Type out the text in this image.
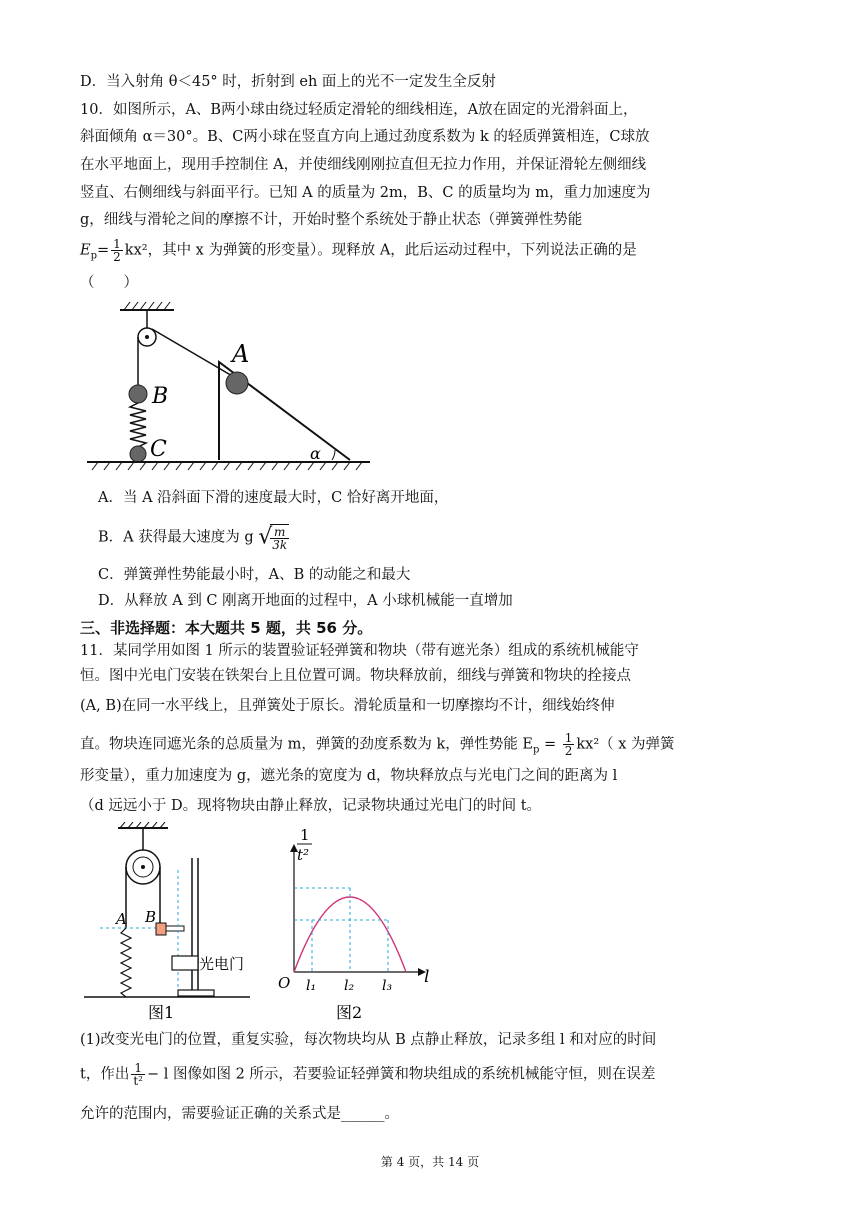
D．当入射角 θ＜45° 时，折射到 eh 面上的光不一定发生全反射
10．如图所示，A、B两小球由绕过轻质定滑轮的细线相连，A放在固定的光滑斜面上，
斜面倾角 α＝30°。B、C两小球在竖直方向上通过劲度系数为 k 的轻质弹簧相连，C球放
在水平地面上，现用手控制住 A，并使细线刚刚拉直但无拉力作用，并保证滑轮左侧细线
竖直、右侧细线与斜面平行。已知 A 的质量为 2m，B、C 的质量均为 m，重力加速度为
g，细线与滑轮之间的摩擦不计，开始时整个系统处于静止状态（弹簧弹性势能
$E_p= \frac{1}{2} kx^2$，其中 x 为弹簧的形变量）。现释放 A，此后运动过程中，下列说法正确的是
（　　）
A
B
C	α
A．当 A 沿斜面下滑的速度最大时，C 恰好离开地面，
B．A 获得最大速度为 g √
$\frac{m}{3k}$
C．弹簧弹性势能最小时，A、B 的动能之和最大
D．从释放 A 到 C 刚离开地面的过程中，A 小球机械能一直增加
三、非选择题：本大题共 5 题，共 56 分。
11．某同学用如图 1 所示的装置验证轻弹簧和物块（带有遮光条）组成的系统机械能守
恒。图中光电门安装在铁架台上且位置可调。物块释放前，细线与弹簧和物块的拴接点
(A, B)在同一水平线上，且弹簧处于原长。滑轮质量和一切摩擦均不计，细线始终伸
直。物块连同遮光条的总质量为 m，弹簧的劲度系数为 k，弹性势能 $E_p = \frac{1}{2} kx^2$（ x 为弹簧
形变量），重力加速度为 g，遮光条的宽度为 d，物块释放点与光电门之间的距离为 l
（d 远远小于 D。现将物块由静止释放，记录物块通过光电门的时间 t。
A B
光电门
图1
1
t²
O l₁ l₂ l₃ l
图2
(1)改变光电门的位置，重复实验，每次物块均从 B 点静止释放，记录多组 l 和对应的时间
t，作出 $\frac{1}{\text{t²}} - l$ 图像如图 2 所示，若要验证轻弹簧和物块组成的系统机械能守恒，则在误差
允许的范围内，需要验证正确的关系式是______。
第 4 页，共 14 页
